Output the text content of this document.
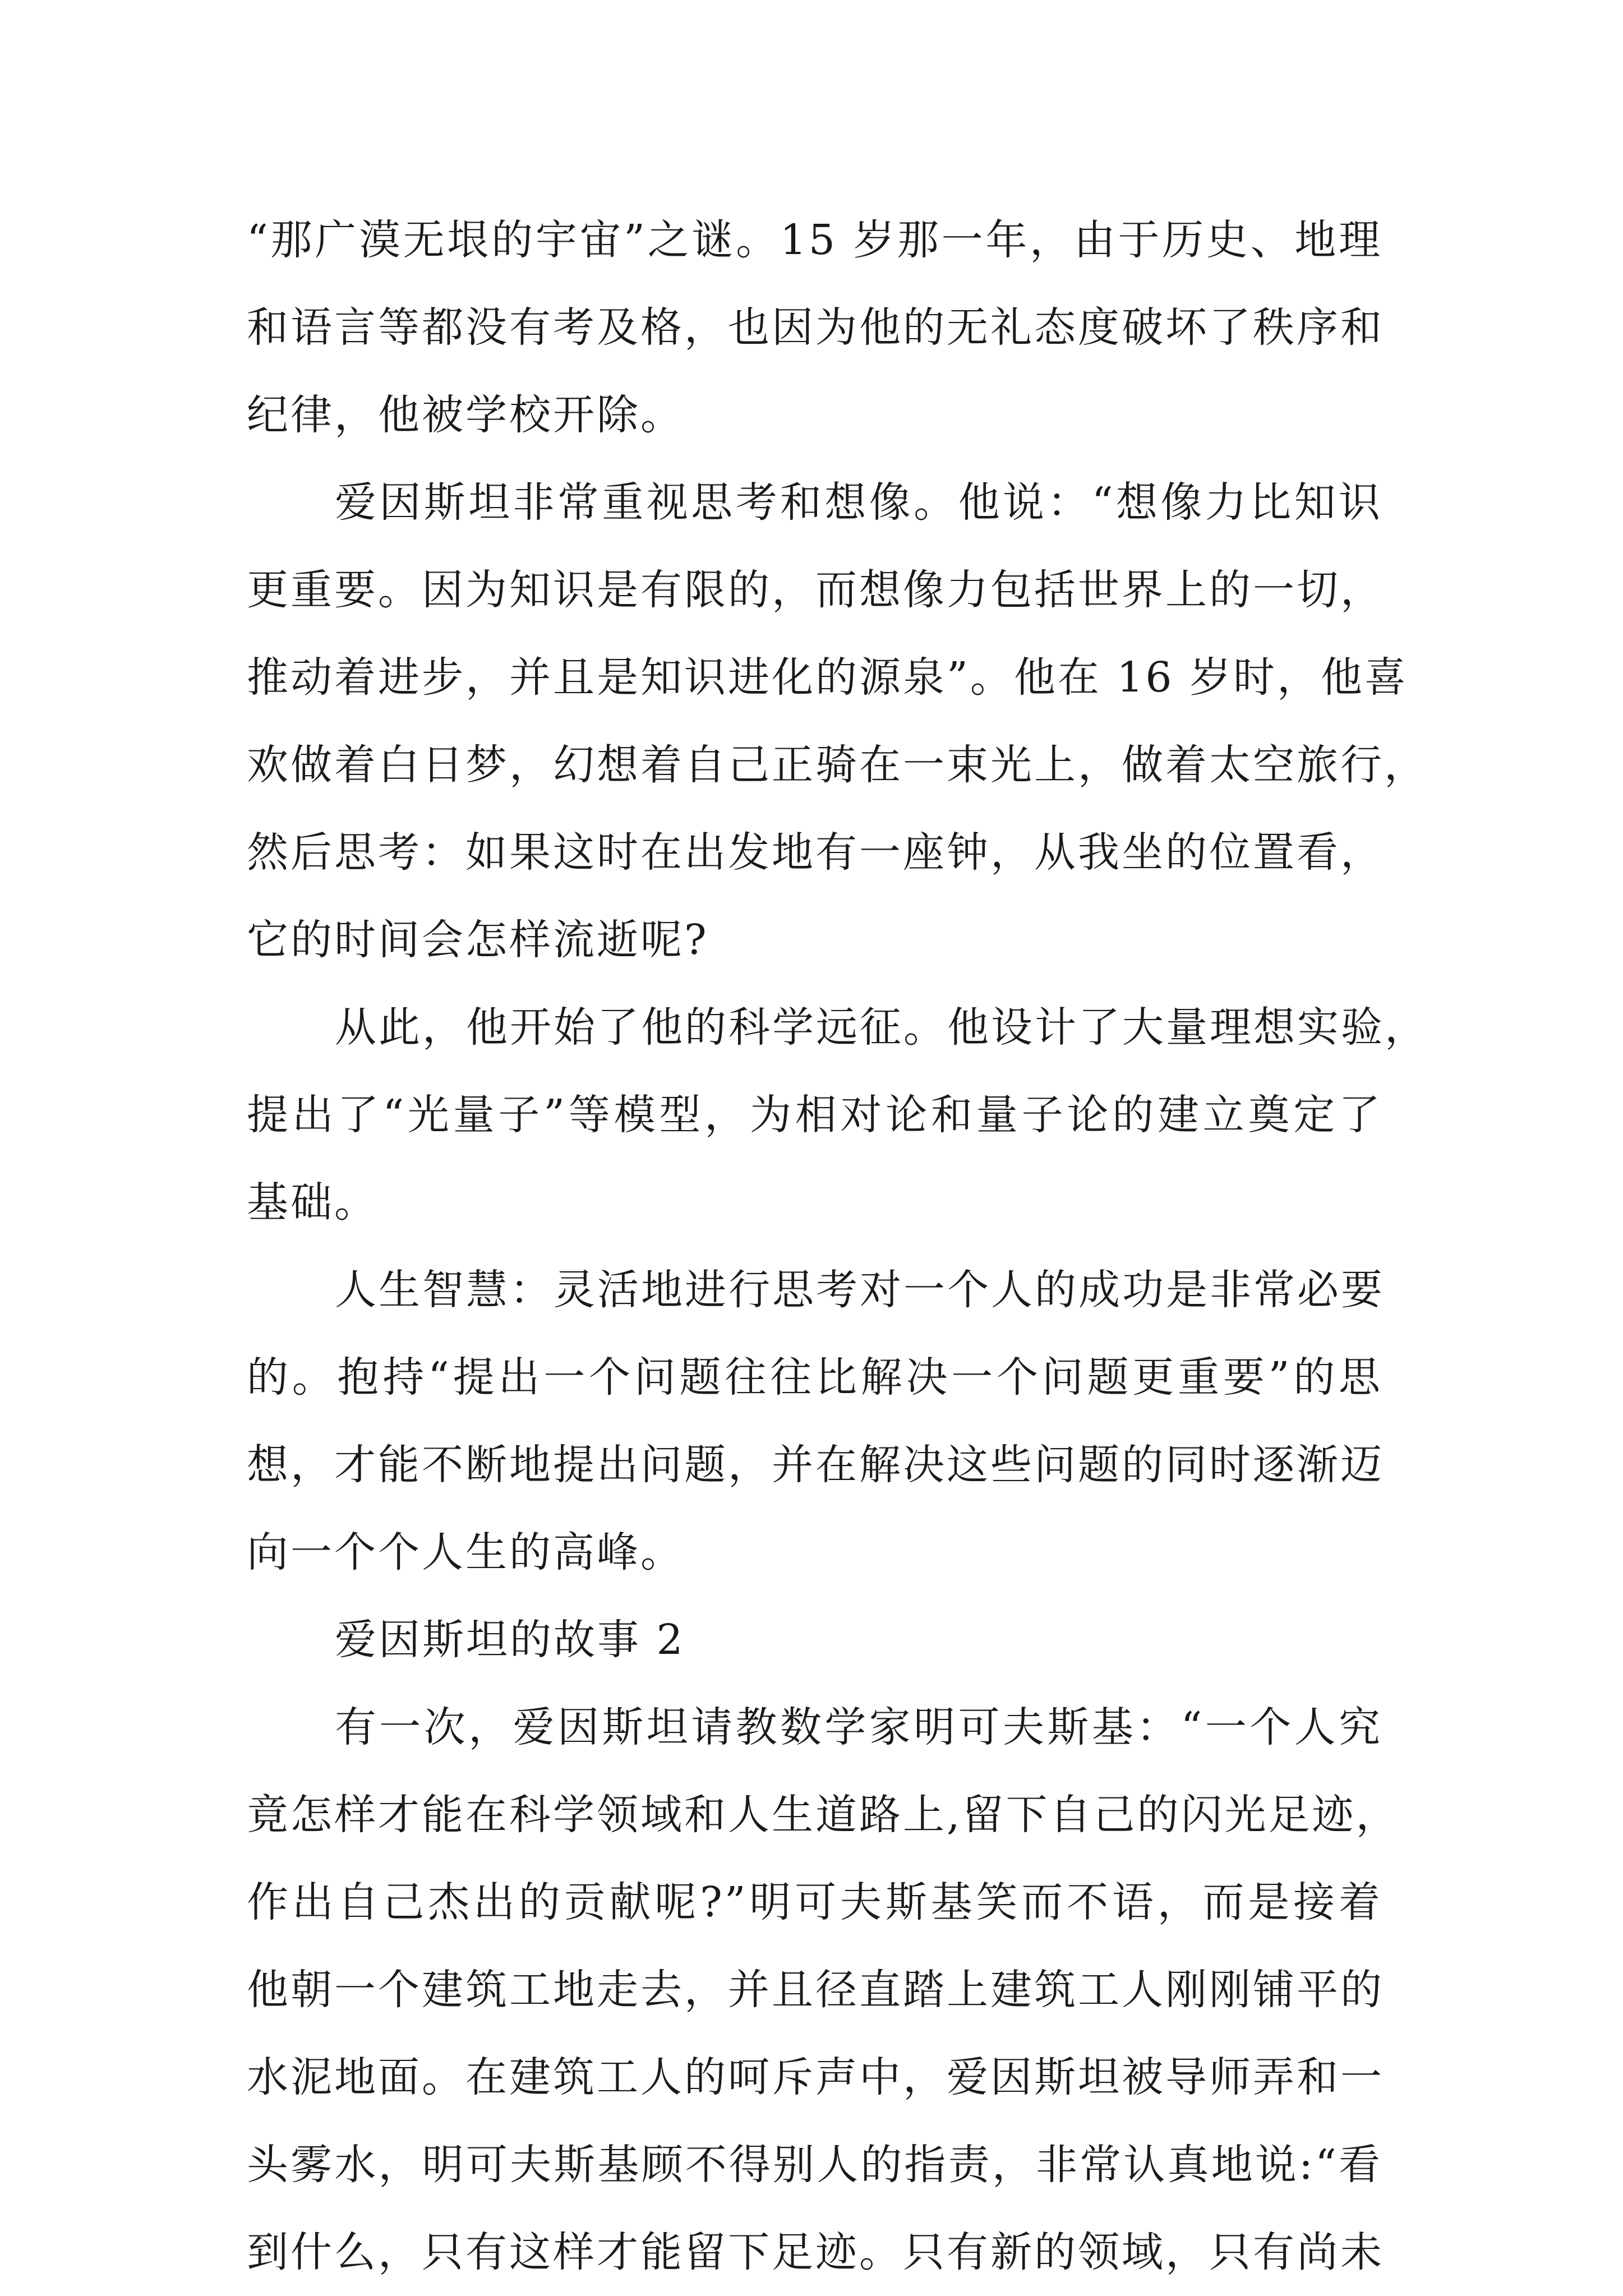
“那广漠无垠的宇宙”之谜。15 岁那一年，由于历史、地理
和语言等都没有考及格，也因为他的无礼态度破坏了秩序和
纪律，他被学校开除。
爱因斯坦非常重视思考和想像。他说：“想像力比知识
更重要。因为知识是有限的，而想像力包括世界上的一切，
推动着进步，并且是知识进化的源泉”。他在 16 岁时，他喜
欢做着白日梦，幻想着自己正骑在一束光上，做着太空旅行，
然后思考：如果这时在出发地有一座钟，从我坐的位置看，
它的时间会怎样流逝呢?
从此，他开始了他的科学远征。他设计了大量理想实验，
提出了“光量子”等模型，为相对论和量子论的建立奠定了
基础。
人生智慧：灵活地进行思考对一个人的成功是非常必要
的。抱持“提出一个问题往往比解决一个问题更重要”的思
想，才能不断地提出问题，并在解决这些问题的同时逐渐迈
向一个个人生的高峰。
爱因斯坦的故事 2
有一次，爱因斯坦请教数学家明可夫斯基：“一个人究
竟怎样才能在科学领域和人生道路上,留下自己的闪光足迹，
作出自己杰出的贡献呢?”明可夫斯基笑而不语，而是接着
他朝一个建筑工地走去，并且径直踏上建筑工人刚刚铺平的
水泥地面。在建筑工人的呵斥声中，爱因斯坦被导师弄和一
头雾水，明可夫斯基顾不得别人的指责，非常认真地说:“看
到什么，只有这样才能留下足迹。只有新的领域，只有尚未
